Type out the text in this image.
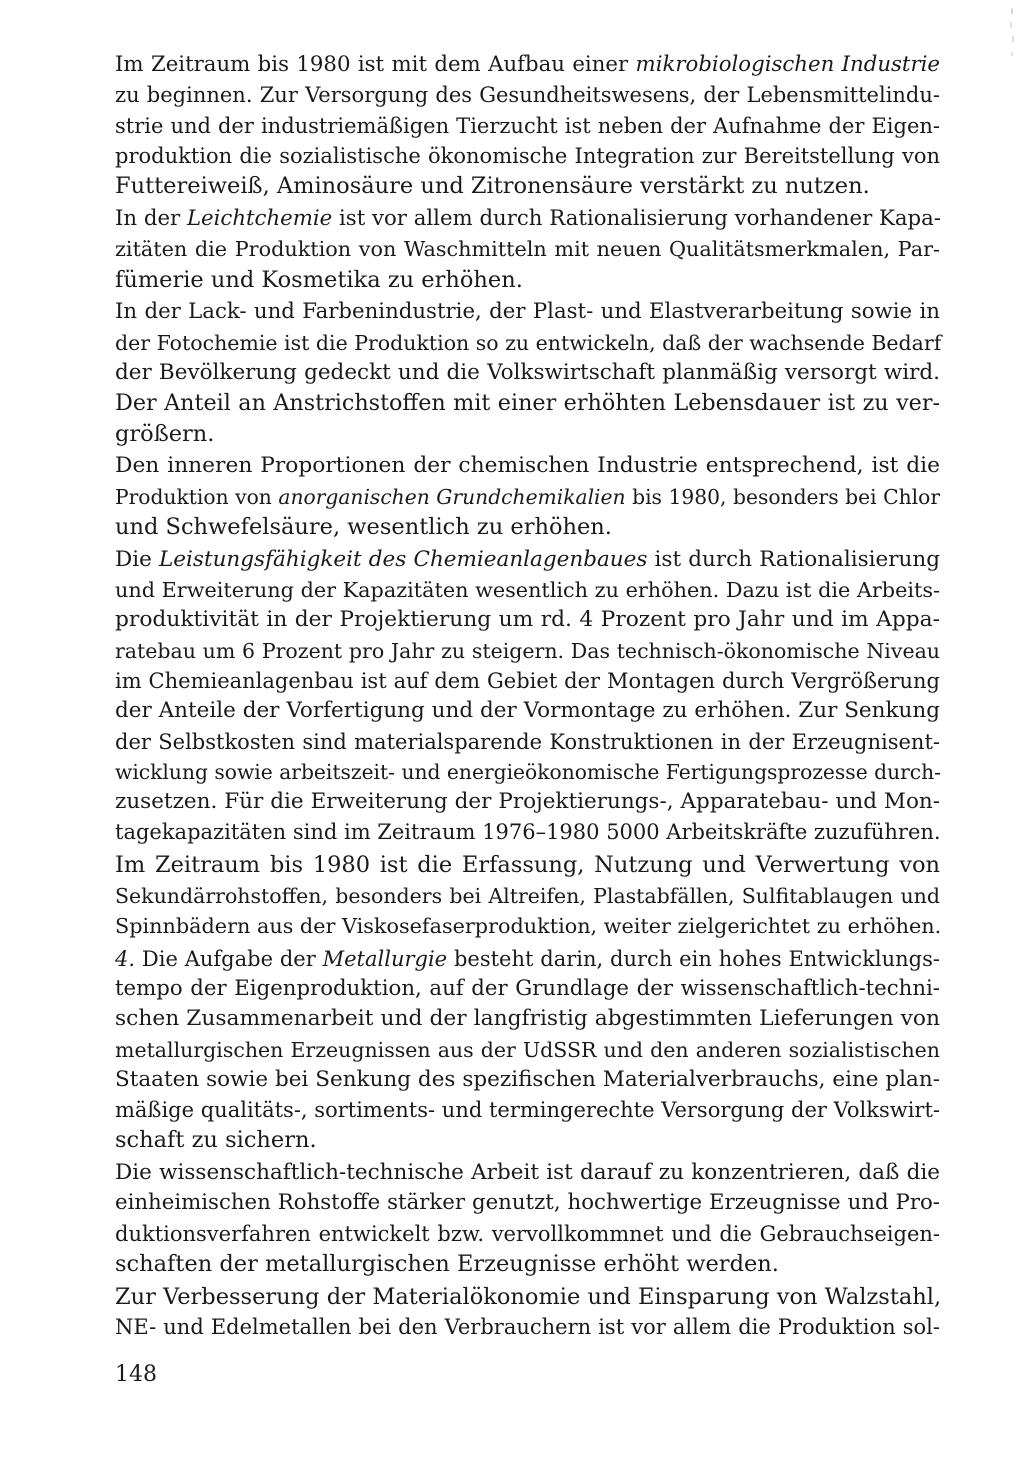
Im Zeitraum bis 1980 ist mit dem Aufbau einer mikrobiologischen Industrie
zu beginnen. Zur Versorgung des Gesundheitswesens, der Lebensmittelindu-
strie und der industriemäßigen Tierzucht ist neben der Aufnahme der Eigen-
produktion die sozialistische ökonomische Integration zur Bereitstellung von
Futtereiweiß, Aminosäure und Zitronensäure verstärkt zu nutzen.

In der Leichtchemie ist vor allem durch Rationalisierung vorhandener Kapa-
zitäten die Produktion von Waschmitteln mit neuen Qualitätsmerkmalen, Par-
fümerie und Kosmetika zu erhöhen.

In der Lack- und Farbenindustrie, der Plast- und Elastverarbeitung sowie in
der Fotochemie ist die Produktion so zu entwickeln, daß der wachsende Bedarf
der Bevölkerung gedeckt und die Volkswirtschaft planmäßig versorgt wird.
Der Anteil an Anstrichstoffen mit einer erhöhten Lebensdauer ist zu ver-
größern.

Den inneren Proportionen der chemischen Industrie entsprechend, ist die
Produktion von anorganischen Grundchemikalien bis 1980, besonders bei Chlor
und Schwefelsäure, wesentlich zu erhöhen.

Die Leistungsfähigkeit des Chemieanlagenbaues ist durch Rationalisierung
und Erweiterung der Kapazitäten wesentlich zu erhöhen. Dazu ist die Arbeits-
produktivität in der Projektierung um rd. 4 Prozent pro Jahr und im Appa-
ratebau um 6 Prozent pro Jahr zu steigern. Das technisch-ökonomische Niveau
im Chemieanlagenbau ist auf dem Gebiet der Montagen durch Vergrößerung
der Anteile der Vorfertigung und der Vormontage zu erhöhen. Zur Senkung
der Selbstkosten sind materialsparende Konstruktionen in der Erzeugnisent-
wicklung sowie arbeitszeit- und energieökonomische Fertigungsprozesse durch-
zusetzen. Für die Erweiterung der Projektierungs-, Apparatebau- und Mon-
tagekapazitäten sind im Zeitraum 1976–1980 5000 Arbeitskräfte zuzuführen.

Im Zeitraum bis 1980 ist die Erfassung, Nutzung und Verwertung von
Sekundärrohstoffen, besonders bei Altreifen, Plastabfällen, Sulfitablaugen und
Spinnbädern aus der Viskosefaserproduktion, weiter zielgerichtet zu erhöhen.

4. Die Aufgabe der Metallurgie besteht darin, durch ein hohes Entwicklungs-
tempo der Eigenproduktion, auf der Grundlage der wissenschaftlich-techni-
schen Zusammenarbeit und der langfristig abgestimmten Lieferungen von
metallurgischen Erzeugnissen aus der UdSSR und den anderen sozialistischen
Staaten sowie bei Senkung des spezifischen Materialverbrauchs, eine plan-
mäßige qualitäts-, sortiments- und termingerechte Versorgung der Volkswirt-
schaft zu sichern.

Die wissenschaftlich-technische Arbeit ist darauf zu konzentrieren, daß die
einheimischen Rohstoffe stärker genutzt, hochwertige Erzeugnisse und Pro-
duktionsverfahren entwickelt bzw. vervollkommnet und die Gebrauchseigen-
schaften der metallurgischen Erzeugnisse erhöht werden.

Zur Verbesserung der Materialökonomie und Einsparung von Walzstahl,
NE- und Edelmetallen bei den Verbrauchern ist vor allem die Produktion sol-

148
